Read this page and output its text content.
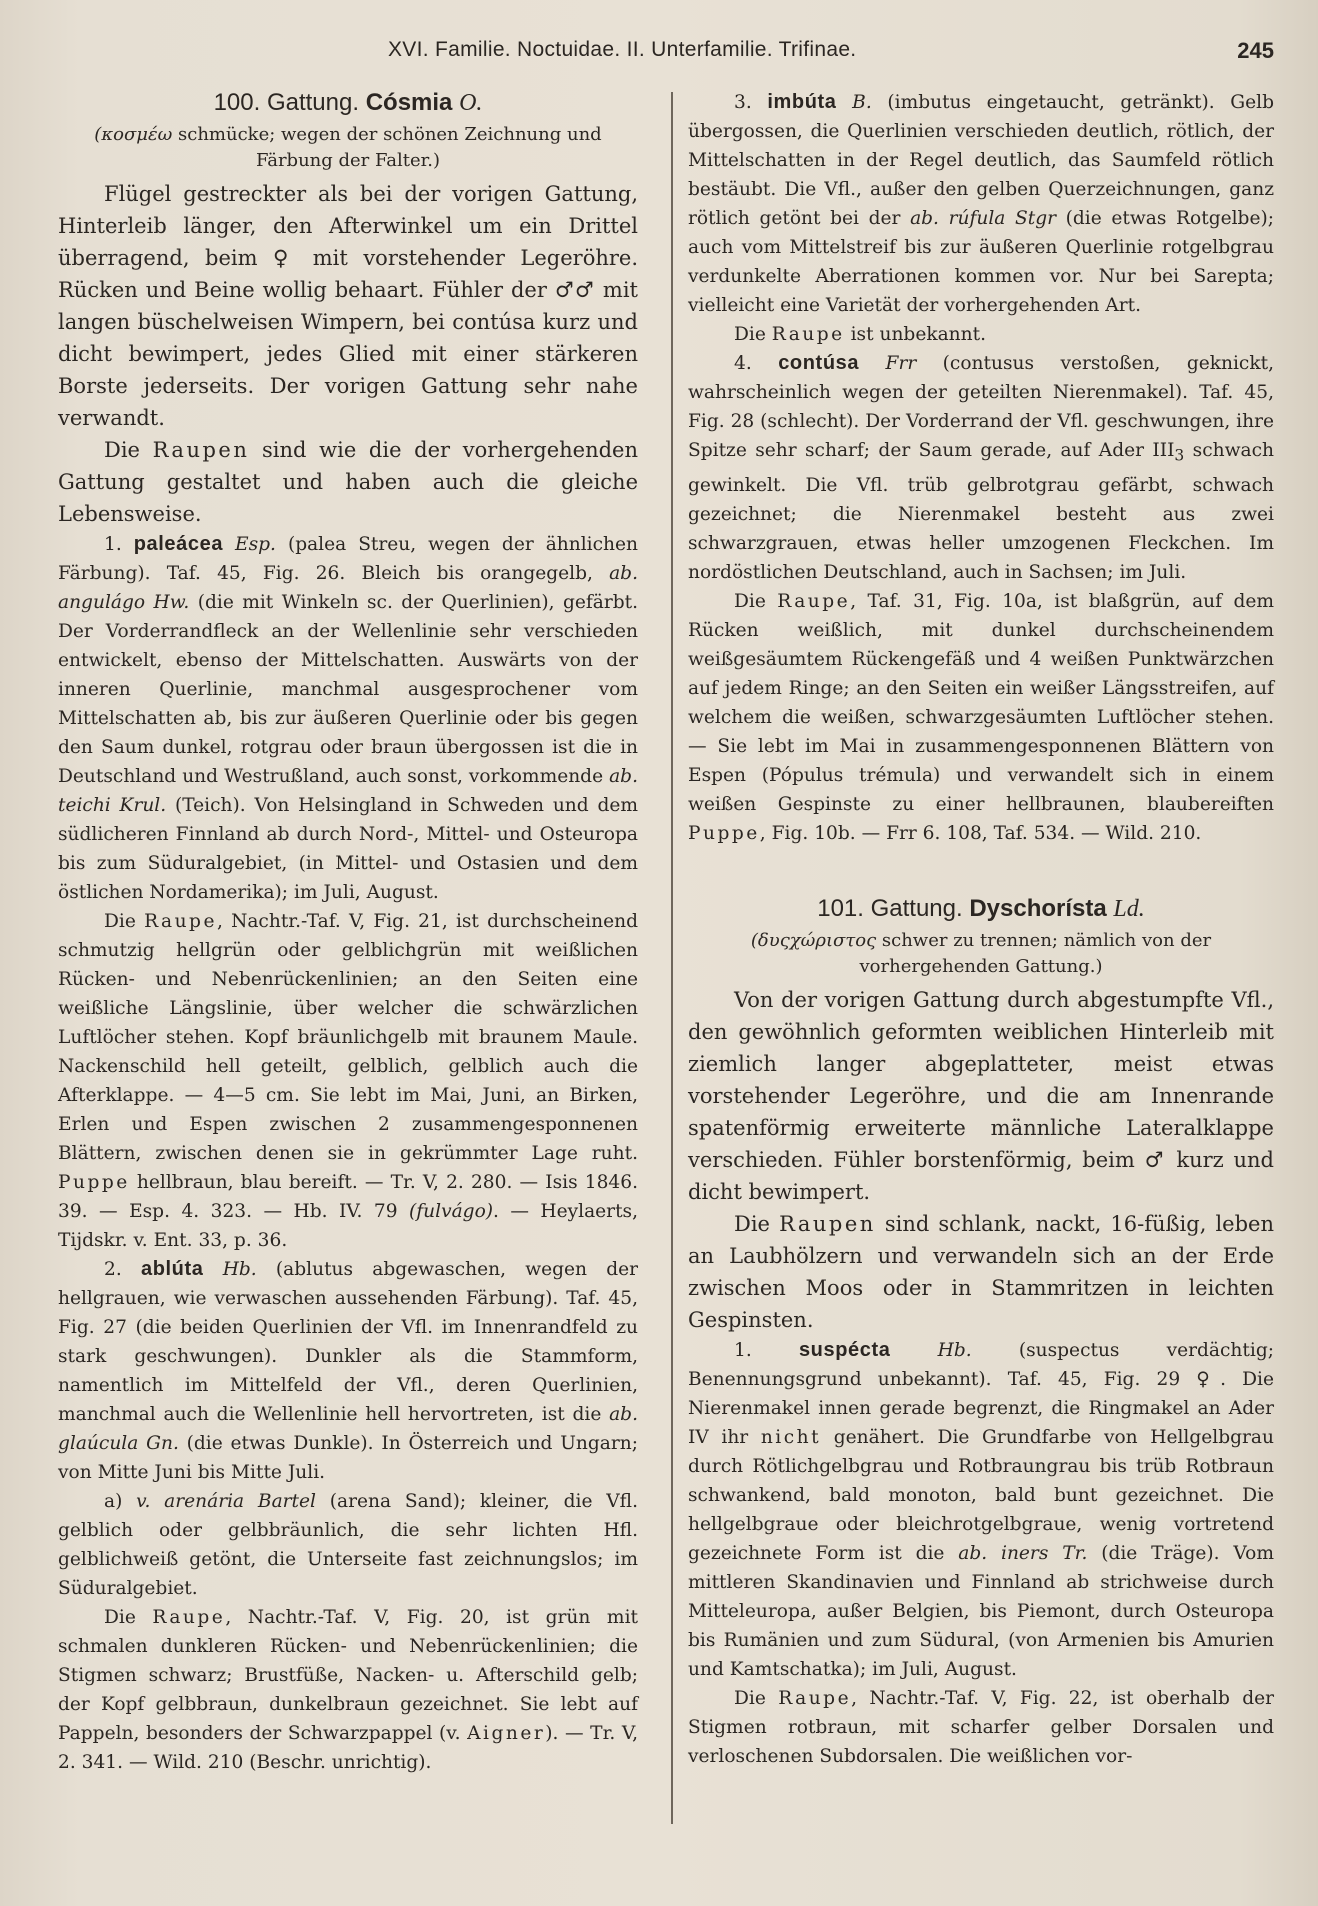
XVI. Familie. Noctuidae. II. Unterfamilie. Trifinae.	245
100. Gattung. Cósmia O.

(κοσμέω schmücke; wegen der schönen Zeichnung und Färbung der Falter.)

Flügel gestreckter als bei der vorigen Gattung, Hinterleib länger, den Afterwinkel um ein Drittel überragend, beim ♀ mit vorstehender Legeröhre. Rücken und Beine wollig behaart. Fühler der ♂♂ mit langen büschelweisen Wimpern, bei contúsa kurz und dicht bewimpert, jedes Glied mit einer stärkeren Borste jederseits. Der vorigen Gattung sehr nahe verwandt.

Die Raupen sind wie die der vorhergehenden Gattung gestaltet und haben auch die gleiche Lebensweise.

1. paleácea Esp. (palea Streu, wegen der ähnlichen Färbung). Taf. 45, Fig. 26. Bleich bis orangegelb, ab. angulágo Hw. (die mit Winkeln sc. der Querlinien), gefärbt. Der Vorderrandfleck an der Wellenlinie sehr verschieden entwickelt, ebenso der Mittelschatten. Auswärts von der inneren Querlinie, manchmal ausgesprochener vom Mittelschatten ab, bis zur äußeren Querlinie oder bis gegen den Saum dunkel, rotgrau oder braun übergossen ist die in Deutschland und Westrußland, auch sonst, vorkommende ab. teichi Krul. (Teich). Von Helsingland in Schweden und dem südlicheren Finnland ab durch Nord-, Mittel- und Osteuropa bis zum Süduralgebiet, (in Mittel- und Ostasien und dem östlichen Nordamerika); im Juli, August.

Die Raupe, Nachtr.-Taf. V, Fig. 21, ist durchscheinend schmutzig hellgrün oder gelblichgrün mit weißlichen Rücken- und Nebenrückenlinien; an den Seiten eine weißliche Längslinie, über welcher die schwärzlichen Luftlöcher stehen. Kopf bräunlichgelb mit braunem Maule. Nackenschild hell geteilt, gelblich, gelblich auch die Afterklappe. — 4—5 cm. Sie lebt im Mai, Juni, an Birken, Erlen und Espen zwischen 2 zusammengesponnenen Blättern, zwischen denen sie in gekrümmter Lage ruht. Puppe hellbraun, blau bereift. — Tr. V, 2. 280. — Isis 1846. 39. — Esp. 4. 323. — Hb. IV. 79 (fulvágo). — Heylaerts, Tijdskr. v. Ent. 33, p. 36.

2. ablúta Hb. (ablutus abgewaschen, wegen der hellgrauen, wie verwaschen aussehenden Färbung). Taf. 45, Fig. 27 (die beiden Querlinien der Vfl. im Innenrandfeld zu stark geschwungen). Dunkler als die Stammform, namentlich im Mittelfeld der Vfl., deren Querlinien, manchmal auch die Wellenlinie hell hervortreten, ist die ab. glaúcula Gn. (die etwas Dunkle). In Österreich und Ungarn; von Mitte Juni bis Mitte Juli.

a) v. arenária Bartel (arena Sand); kleiner, die Vfl. gelblich oder gelbbräunlich, die sehr lichten Hfl. gelblichweiß getönt, die Unterseite fast zeichnungslos; im Süduralgebiet.

Die Raupe, Nachtr.-Taf. V, Fig. 20, ist grün mit schmalen dunkleren Rücken- und Nebenrückenlinien; die Stigmen schwarz; Brustfüße, Nacken- u. Afterschild gelb; der Kopf gelbbraun, dunkelbraun gezeichnet. Sie lebt auf Pappeln, besonders der Schwarzpappel (v. Aigner). — Tr. V, 2. 341. — Wild. 210 (Beschr. unrichtig).

3. imbúta B. (imbutus eingetaucht, getränkt). Gelb übergossen, die Querlinien verschieden deutlich, rötlich, der Mittelschatten in der Regel deutlich, das Saumfeld rötlich bestäubt. Die Vfl., außer den gelben Querzeichnungen, ganz rötlich getönt bei der ab. rúfula Stgr (die etwas Rotgelbe); auch vom Mittelstreif bis zur äußeren Querlinie rotgelbgrau verdunkelte Aberrationen kommen vor. Nur bei Sarepta; vielleicht eine Varietät der vorhergehenden Art.

Die Raupe ist unbekannt.

4. contúsa Frr (contusus verstoßen, geknickt, wahrscheinlich wegen der geteilten Nierenmakel). Taf. 45, Fig. 28 (schlecht). Der Vorderrand der Vfl. geschwungen, ihre Spitze sehr scharf; der Saum gerade, auf Ader $III_3$ schwach gewinkelt. Die Vfl. trüb gelbrotgrau gefärbt, schwach gezeichnet; die Nierenmakel besteht aus zwei schwarzgrauen, etwas heller umzogenen Fleckchen. Im nordöstlichen Deutschland, auch in Sachsen; im Juli.

Die Raupe, Taf. 31, Fig. 10a, ist blaßgrün, auf dem Rücken weißlich, mit dunkel durchscheinendem weißgesäumtem Rückengefäß und 4 weißen Punktwärzchen auf jedem Ringe; an den Seiten ein weißer Längsstreifen, auf welchem die weißen, schwarzgesäumten Luftlöcher stehen. — Sie lebt im Mai in zusammengesponnenen Blättern von Espen (Pópulus trémula) und verwandelt sich in einem weißen Gespinste zu einer hellbraunen, blaubereiften Puppe, Fig. 10b. — Frr 6. 108, Taf. 534. — Wild. 210.

101. Gattung. Dyschorísta Ld.

(δυςχώριστος schwer zu trennen; nämlich von der vorhergehenden Gattung.)

Von der vorigen Gattung durch abgestumpfte Vfl., den gewöhnlich geformten weiblichen Hinterleib mit ziemlich langer abgeplatteter, meist etwas vorstehender Legeröhre, und die am Innenrande spatenförmig erweiterte männliche Lateralklappe verschieden. Fühler borstenförmig, beim ♂ kurz und dicht bewimpert.

Die Raupen sind schlank, nackt, 16-füßig, leben an Laubhölzern und verwandeln sich an der Erde zwischen Moos oder in Stammritzen in leichten Gespinsten.

1. suspécta	Hb. (suspectus verdächtig; Benennungsgrund unbekannt). Taf. 45, Fig. 29 ♀. Die Nierenmakel innen gerade begrenzt, die Ringmakel an Ader IV ihr nicht genähert. Die Grundfarbe von Hellgelbgrau durch Rötlichgelbgrau und Rotbraungrau bis trüb Rotbraun schwankend, bald monoton, bald bunt gezeichnet. Die hellgelbgraue oder bleichrotgelbgraue, wenig vortretend gezeichnete Form ist die ab. iners Tr. (die Träge). Vom mittleren Skandinavien und Finnland ab strichweise durch Mitteleuropa, außer Belgien, bis Piemont, durch Osteuropa bis Rumänien und zum Südural, (von Armenien bis Amurien und Kamtschatka); im Juli, August.

Die Raupe, Nachtr.-Taf. V, Fig. 22, ist oberhalb der Stigmen rotbraun, mit scharfer gelber Dorsalen und verloschenen Subdorsalen. Die weißlichen vor-
